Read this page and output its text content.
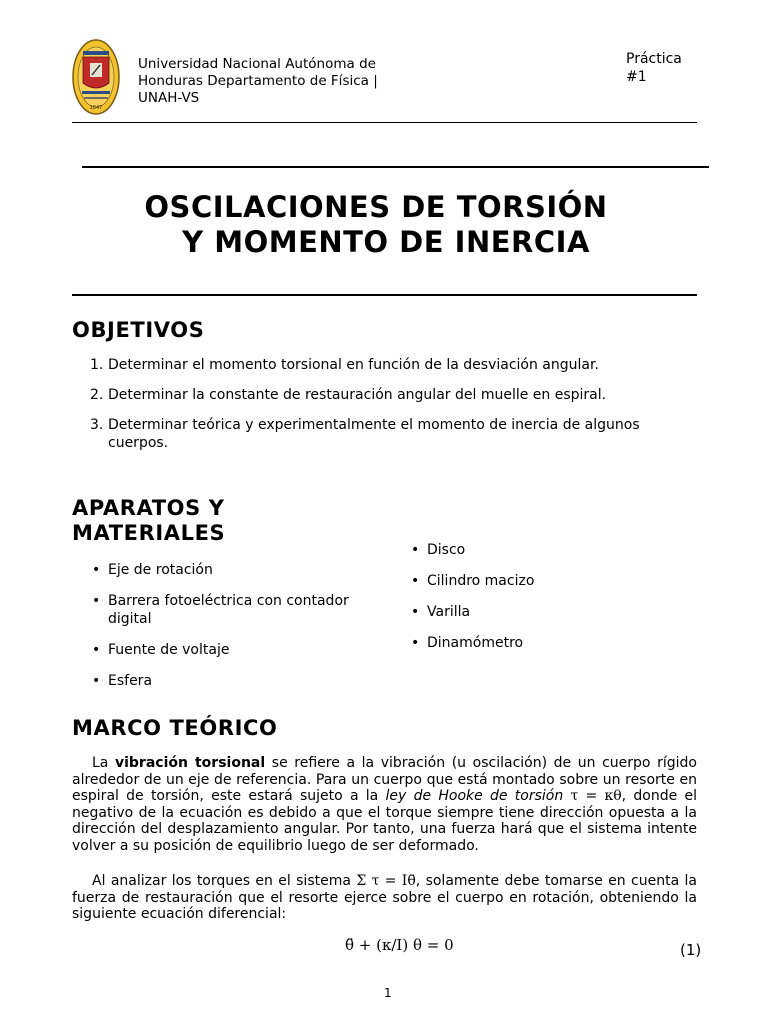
1847
Universidad Nacional Autónoma de Honduras Departamento de Física | UNAH-VS
Práctica
#1
OSCILACIONES DE TORSIÓN
Y MOMENTO DE INERCIA
OBJETIVOS
1. Determinar el momento torsional en función de la desviación angular.
2. Determinar la constante de restauración angular del muelle en espiral.
3. Determinar teórica y experimentalmente el momento de inercia de algunos cuerpos.
APARATOS Y
MATERIALES
• Eje de rotación
• Barrera fotoeléctrica con contador digital
• Fuente de voltaje
• Esfera
• Disco
• Cilindro macizo
• Varilla
• Dinamómetro
MARCO TEÓRICO

La vibración torsional se refiere a la vibración (u oscilación) de un cuerpo rígido alrededor de un eje de referencia. Para un cuerpo que está montado sobre un resorte en espiral de torsión, este estará sujeto a la ley de Hooke de torsión τ = κθ, donde el negativo de la ecuación es debido a que el torque siempre tiene dirección opuesta a la dirección del desplazamiento angular. Por tanto, una fuerza hará que el sistema intente volver a su posición de equilibrio luego de ser deformado.

Al analizar los torques en el sistema Σ τ = Iθ̈, solamente debe tomarse en cuenta la fuerza de restauración que el resorte ejerce sobre el cuerpo en rotación, obteniendo la siguiente ecuación diferencial:

θ̈ + (κ/I) θ = 0	(1)
1
